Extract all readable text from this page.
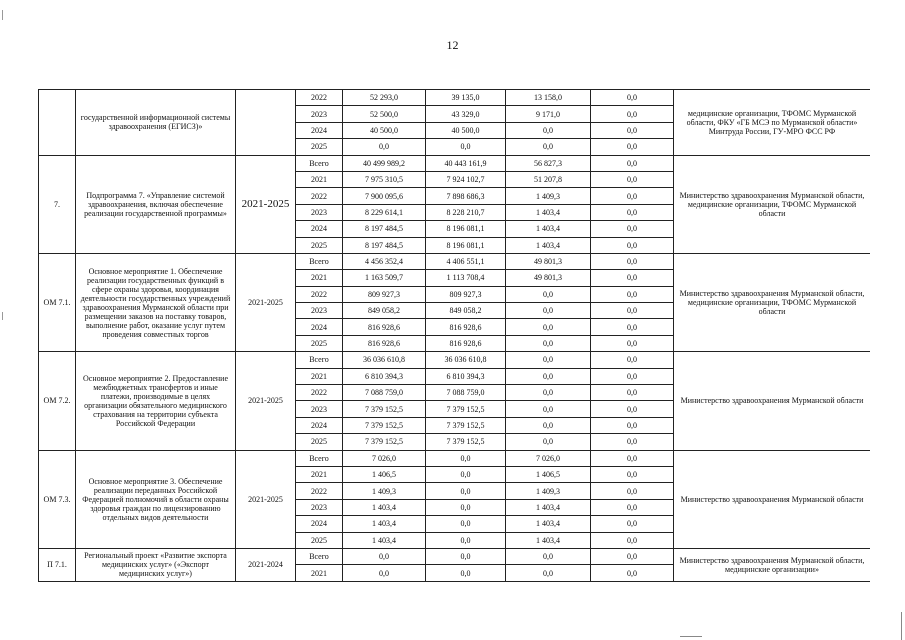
12
	государственной информационной системы здравоохранения (ЕГИСЗ)»		2022	52 293,0	39 135,0	13 158,0	0,0	медицинские организации, ТФОМС Мурманской области, ФКУ «ГБ МСЭ по Мурманской области» Минтруда России, ГУ-МРО ФСС РФ
			2023	52 500,0	43 329,0	9 171,0	0,0	
			2024	40 500,0	40 500,0	0,0	0,0	
			2025	0,0	0,0	0,0	0,0	
7.	Подпрограмма 7. «Управление системой здравоохранения, включая обеспечение реализации государственной программы»	2021-2025	Всего	40 499 989,2	40 443 161,9	56 827,3	0,0	Министерство здравоохранения Мурманской области, медицинские организации, ТФОМС Мурманской области
			2021	7 975 310,5	7 924 102,7	51 207,8	0,0	
			2022	7 900 095,6	7 898 686,3	1 409,3	0,0	
			2023	8 229 614,1	8 228 210,7	1 403,4	0,0	
			2024	8 197 484,5	8 196 081,1	1 403,4	0,0	
			2025	8 197 484,5	8 196 081,1	1 403,4	0,0	
ОМ 7.1.	Основное мероприятие 1. Обеспечение реализации государственных функций в сфере охраны здоровья, координация деятельности государственных учреждений здравоохранения Мурманской области при размещении заказов на поставку товаров, выполнение работ, оказание услуг путем проведения совместных торгов	2021-2025	Всего	4 456 352,4	4 406 551,1	49 801,3	0,0	Министерство здравоохранения Мурманской области, медицинские организации, ТФОМС Мурманской области
			2021	1 163 509,7	1 113 708,4	49 801,3	0,0	
			2022	809 927,3	809 927,3	0,0	0,0	
			2023	849 058,2	849 058,2	0,0	0,0	
			2024	816 928,6	816 928,6	0,0	0,0	
			2025	816 928,6	816 928,6	0,0	0,0	
ОМ 7.2.	Основное мероприятие 2. Предоставление межбюджетных трансфертов и иные платежи, производимые в целях организации обязательного медицинского страхования на территории субъекта Российской Федерации	2021-2025	Всего	36 036 610,8	36 036 610,8	0,0	0,0	Министерство здравоохранения Мурманской области
			2021	6 810 394,3	6 810 394,3	0,0	0,0	
			2022	7 088 759,0	7 088 759,0	0,0	0,0	
			2023	7 379 152,5	7 379 152,5	0,0	0,0	
			2024	7 379 152,5	7 379 152,5	0,0	0,0	
			2025	7 379 152,5	7 379 152,5	0,0	0,0	
ОМ 7.3.	Основное мероприятие 3. Обеспечение реализации переданных Российской Федерацией полномочий в области охраны здоровья граждан по лицензированию отдельных видов деятельности	2021-2025	Всего	7 026,0	0,0	7 026,0	0,0	Министерство здравоохранения Мурманской области
			2021	1 406,5	0,0	1 406,5	0,0	
			2022	1 409,3	0,0	1 409,3	0,0	
			2023	1 403,4	0,0	1 403,4	0,0	
			2024	1 403,4	0,0	1 403,4	0,0	
			2025	1 403,4	0,0	1 403,4	0,0	
П 7.1.	Региональный проект «Развитие экспорта медицинских услуг» («Экспорт медицинских услуг»)	2021-2024	Всего	0,0	0,0	0,0	0,0	Министерство здравоохранения Мурманской области, медицинские организации»
			2021	0,0	0,0	0,0	0,0	
